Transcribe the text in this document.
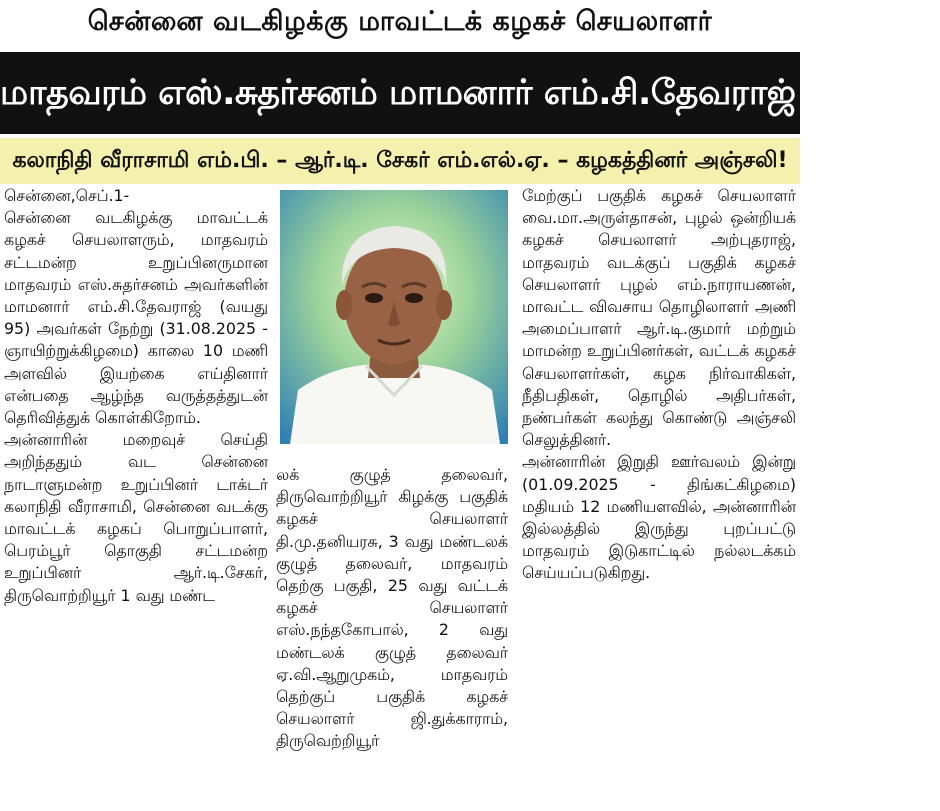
சென்னை வடகிழக்கு மாவட்டக் கழகச் செயலாளர்
மாதவரம் எஸ்.சுதர்சனம் மாமனார் எம்.சி.தேவராஜ் மறைவு!
கலாநிதி வீராசாமி எம்.பி. – ஆர்.டி. சேகர் எம்.எல்.ஏ. – கழகத்தினர் அஞ்சலி!
சென்னை,செப்.1-
சென்னை வடகிழக்கு மாவட்டக் கழகச் செயலாளரும், மாதவரம் சட்டமன்ற உறுப்பினருமான மாதவரம் எஸ்.சுதர்சனம் அவர்களின் மாமனார் எம்.சி.தேவராஜ் (வயது 95) அவர்கள் நேற்று (31.08.2025 - ஞாயிற்றுக்கிழமை) காலை 10 மணி அளவில் இயற்கை எய்தினார் என்பதை ஆழ்ந்த வருத்தத்துடன் தெரிவித்துக் கொள்கிறோம்.
அன்னாரின் மறைவுச் செய்தி அறிந்ததும் வட சென்னை நாடாளுமன்ற உறுப்பினர் டாக்டர் கலாநிதி வீராசாமி, சென்னை வடக்கு மாவட்டக் கழகப் பொறுப்பாளர், பெரம்பூர் தொகுதி சட்டமன்ற உறுப்பினர் ஆர்.டி.சேகர், திருவொற்றியூர் 1 வது மண்ட
லக் குழுத் தலைவர், திருவொற்றியூர் கிழக்கு பகுதிக் கழகச் செயலாளர் தி.மு.தனியரசு, 3 வது மண்டலக் குழுத் தலைவர், மாதவரம் தெற்கு பகுதி, 25 வது வட்டக் கழகச் செயலாளர் எஸ்.நந்தகோபால், 2 வது மண்டலக் குழுத் தலைவர் ஏ.வி.ஆறுமுகம், மாதவரம் தெற்குப் பகுதிக் கழகச் செயலாளர் ஜி.துக்காராம், திருவெற்றியூர்
மேற்குப் பகுதிக் கழகச் செயலாளர் வை.மா.அருள்தாசன், புழல் ஒன்றியக் கழகச் செயலாளர் அற்புதராஜ், மாதவரம் வடக்குப் பகுதிக் கழகச் செயலாளர் புழல் எம்.நாராயணன், மாவட்ட விவசாய தொழிலாளர் அணி அமைப்பாளர் ஆர்.டி.குமார் மற்றும் மாமன்ற உறுப்பினர்கள், வட்டக் கழகச் செயலாளர்கள், கழக நிர்வாகிகள், நீதிபதிகள், தொழில் அதிபர்கள், நண்பர்கள் கலந்து கொண்டு அஞ்சலி செலுத்தினர்.
அன்னாரின் இறுதி ஊர்வலம் இன்று (01.09.2025 - திங்கட்கிழமை) மதியம் 12 மணியளவில், அன்னாரின் இல்லத்தில் இருந்து புறப்பட்டு மாதவரம் இடுகாட்டில் நல்லடக்கம் செய்யப்படுகிறது.
